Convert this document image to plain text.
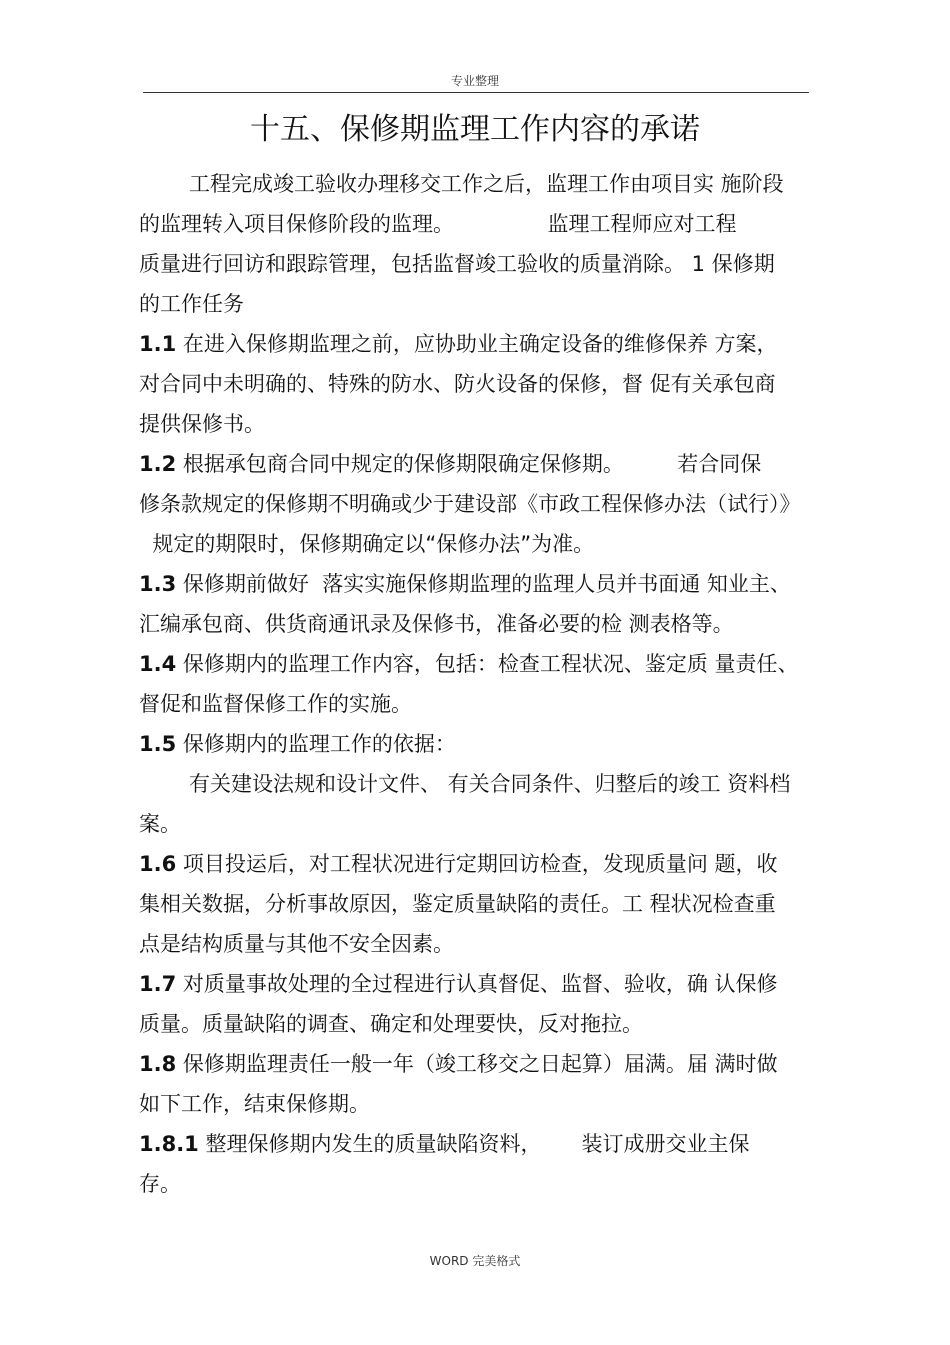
专业整理
十五、保修期监理工作内容的承诺
工程完成竣工验收办理移交工作之后，监理工作由项目实 施阶段
的监理转入项目保修阶段的监理。              监理工程师应对工程
质量进行回访和跟踪管理，包括监督竣工验收的质量消除。 1 保修期
的工作任务
1.1 在进入保修期监理之前，应协助业主确定设备的维修保养 方案，
对合同中未明确的、特殊的防水、防火设备的保修，督 促有关承包商
提供保修书。
1.2 根据承包商合同中规定的保修期限确定保修期。        若合同保
修条款规定的保修期不明确或少于建设部《市政工程保修办法（试行）》
规定的期限时，保修期确定以“保修办法”为准。
1.3 保修期前做好  落实实施保修期监理的监理人员并书面通 知业主、
汇编承包商、供货商通讯录及保修书，准备必要的检 测表格等。
1.4 保修期内的监理工作内容，包括：检查工程状况、鉴定质 量责任、
督促和监督保修工作的实施。
1.5 保修期内的监理工作的依据：
有关建设法规和设计文件、 有关合同条件、归整后的竣工 资料档
案。
1.6 项目投运后，对工程状况进行定期回访检查，发现质量问 题，收
集相关数据，分析事故原因，鉴定质量缺陷的责任。工 程状况检查重
点是结构质量与其他不安全因素。
1.7 对质量事故处理的全过程进行认真督促、监督、验收，确 认保修
质量。质量缺陷的调查、确定和处理要快，反对拖拉。
1.8 保修期监理责任一般一年（竣工移交之日起算）届满。届 满时做
如下工作，结束保修期。
1.8.1 整理保修期内发生的质量缺陷资料，      装订成册交业主保
存。
WORD 完美格式
